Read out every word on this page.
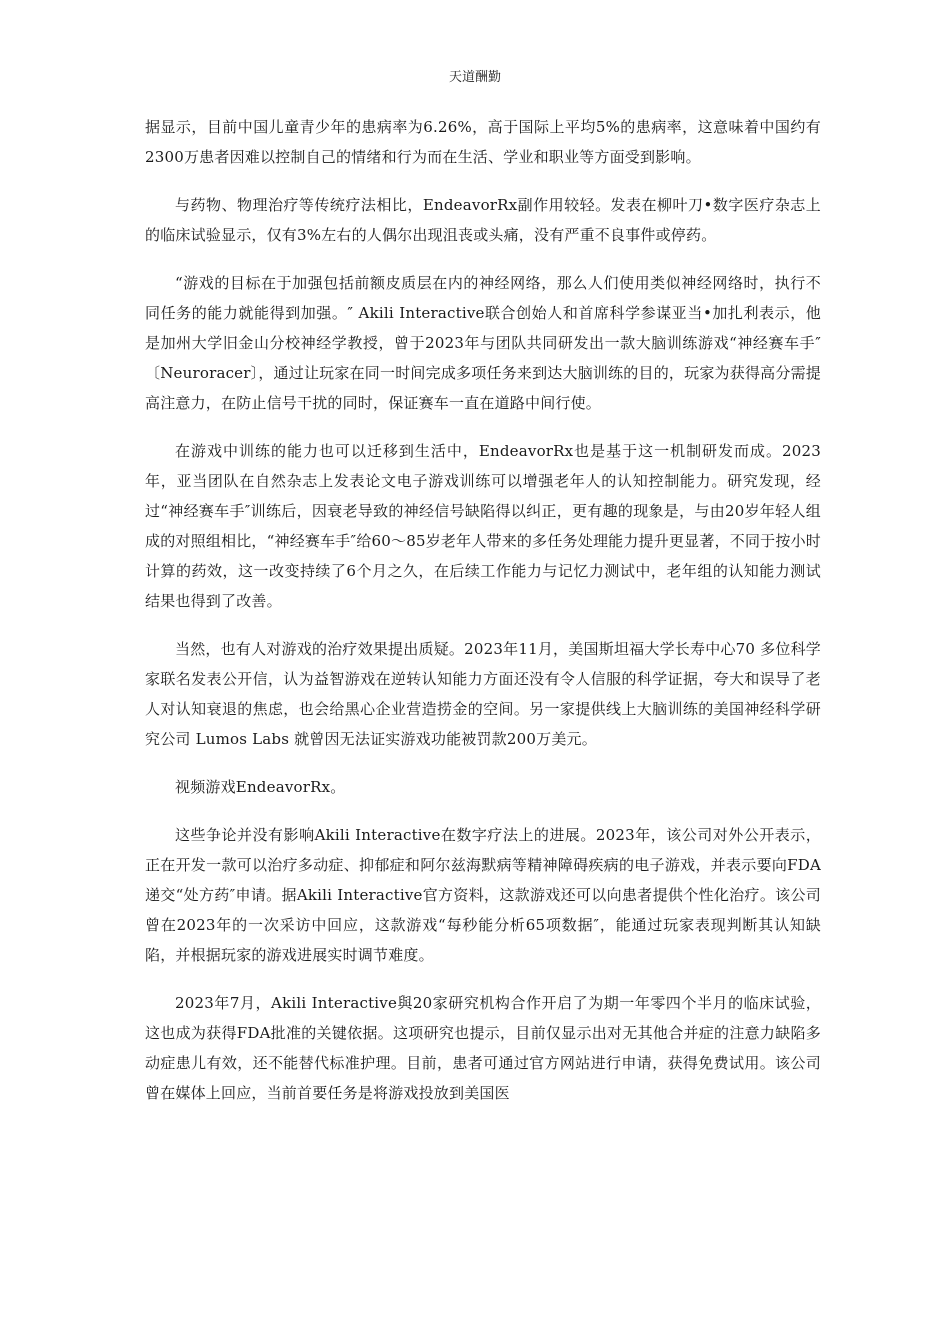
天道酬勤

据显示，目前中国儿童青少年的患病率为6.26%，高于国际上平均5%的患病率，这意味着中国约有2300万患者因难以控制自己的情绪和行为而在生活、学业和职业等方面受到影响。

与药物、物理治疗等传统疗法相比，EndeavorRx副作用较轻。发表在柳叶刀•数字医疗杂志上的临床试验显示，仅有3%左右的人偶尔出现沮丧或头痛，没有严重不良事件或停药。

“游戏的目标在于加强包括前额皮质层在内的神经网络，那么人们使用类似神经网络时，执行不同任务的能力就能得到加强。″ Akili Interactive联合创始人和首席科学参谋亚当•加扎利表示，他是加州大学旧金山分校神经学教授，曾于2023年与团队共同研发出一款大脑训练游戏“神经赛车手″〔Neuroracer〕，通过让玩家在同一时间完成多项任务来到达大脑训练的目的，玩家为获得高分需提高注意力，在防止信号干扰的同时，保证赛车一直在道路中间行使。

在游戏中训练的能力也可以迁移到生活中，EndeavorRx也是基于这一机制研发而成。2023年，亚当团队在自然杂志上发表论文电子游戏训练可以增强老年人的认知控制能力。研究发现，经过“神经赛车手″训练后，因衰老导致的神经信号缺陷得以纠正，更有趣的现象是，与由20岁年轻人组成的对照组相比，“神经赛车手″给60～85岁老年人带来的多任务处理能力提升更显著，不同于按小时计算的药效，这一改变持续了6个月之久，在后续工作能力与记忆力测试中，老年组的认知能力测试结果也得到了改善。

当然，也有人对游戏的治疗效果提出质疑。2023年11月，美国斯坦福大学长寿中心70 多位科学家联名发表公开信，认为益智游戏在逆转认知能力方面还没有令人信服的科学证据，夸大和误导了老人对认知衰退的焦虑，也会给黑心企业营造捞金的空间。另一家提供线上大脑训练的美国神经科学研究公司 Lumos Labs 就曾因无法证实游戏功能被罚款200万美元。

视频游戏EndeavorRx。

这些争论并没有影响Akili Interactive在数字疗法上的进展。2023年，该公司对外公开表示，正在开发一款可以治疗多动症、抑郁症和阿尔兹海默病等精神障碍疾病的电子游戏，并表示要向FDA递交“处方药″申请。据Akili Interactive官方资料，这款游戏还可以向患者提供个性化治疗。该公司曾在2023年的一次采访中回应，这款游戏“每秒能分析65项数据″，能通过玩家表现判断其认知缺陷，并根据玩家的游戏进展实时调节难度。

2023年7月，Akili Interactive與20家研究机构合作开启了为期一年零四个半月的临床试验，这也成为获得FDA批准的关键依据。这项研究也提示，目前仅显示出对无其他合并症的注意力缺陷多动症患儿有效，还不能替代标准护理。目前，患者可通过官方网站进行申请，获得免费试用。该公司曾在媒体上回应，当前首要任务是将游戏投放到美国医
